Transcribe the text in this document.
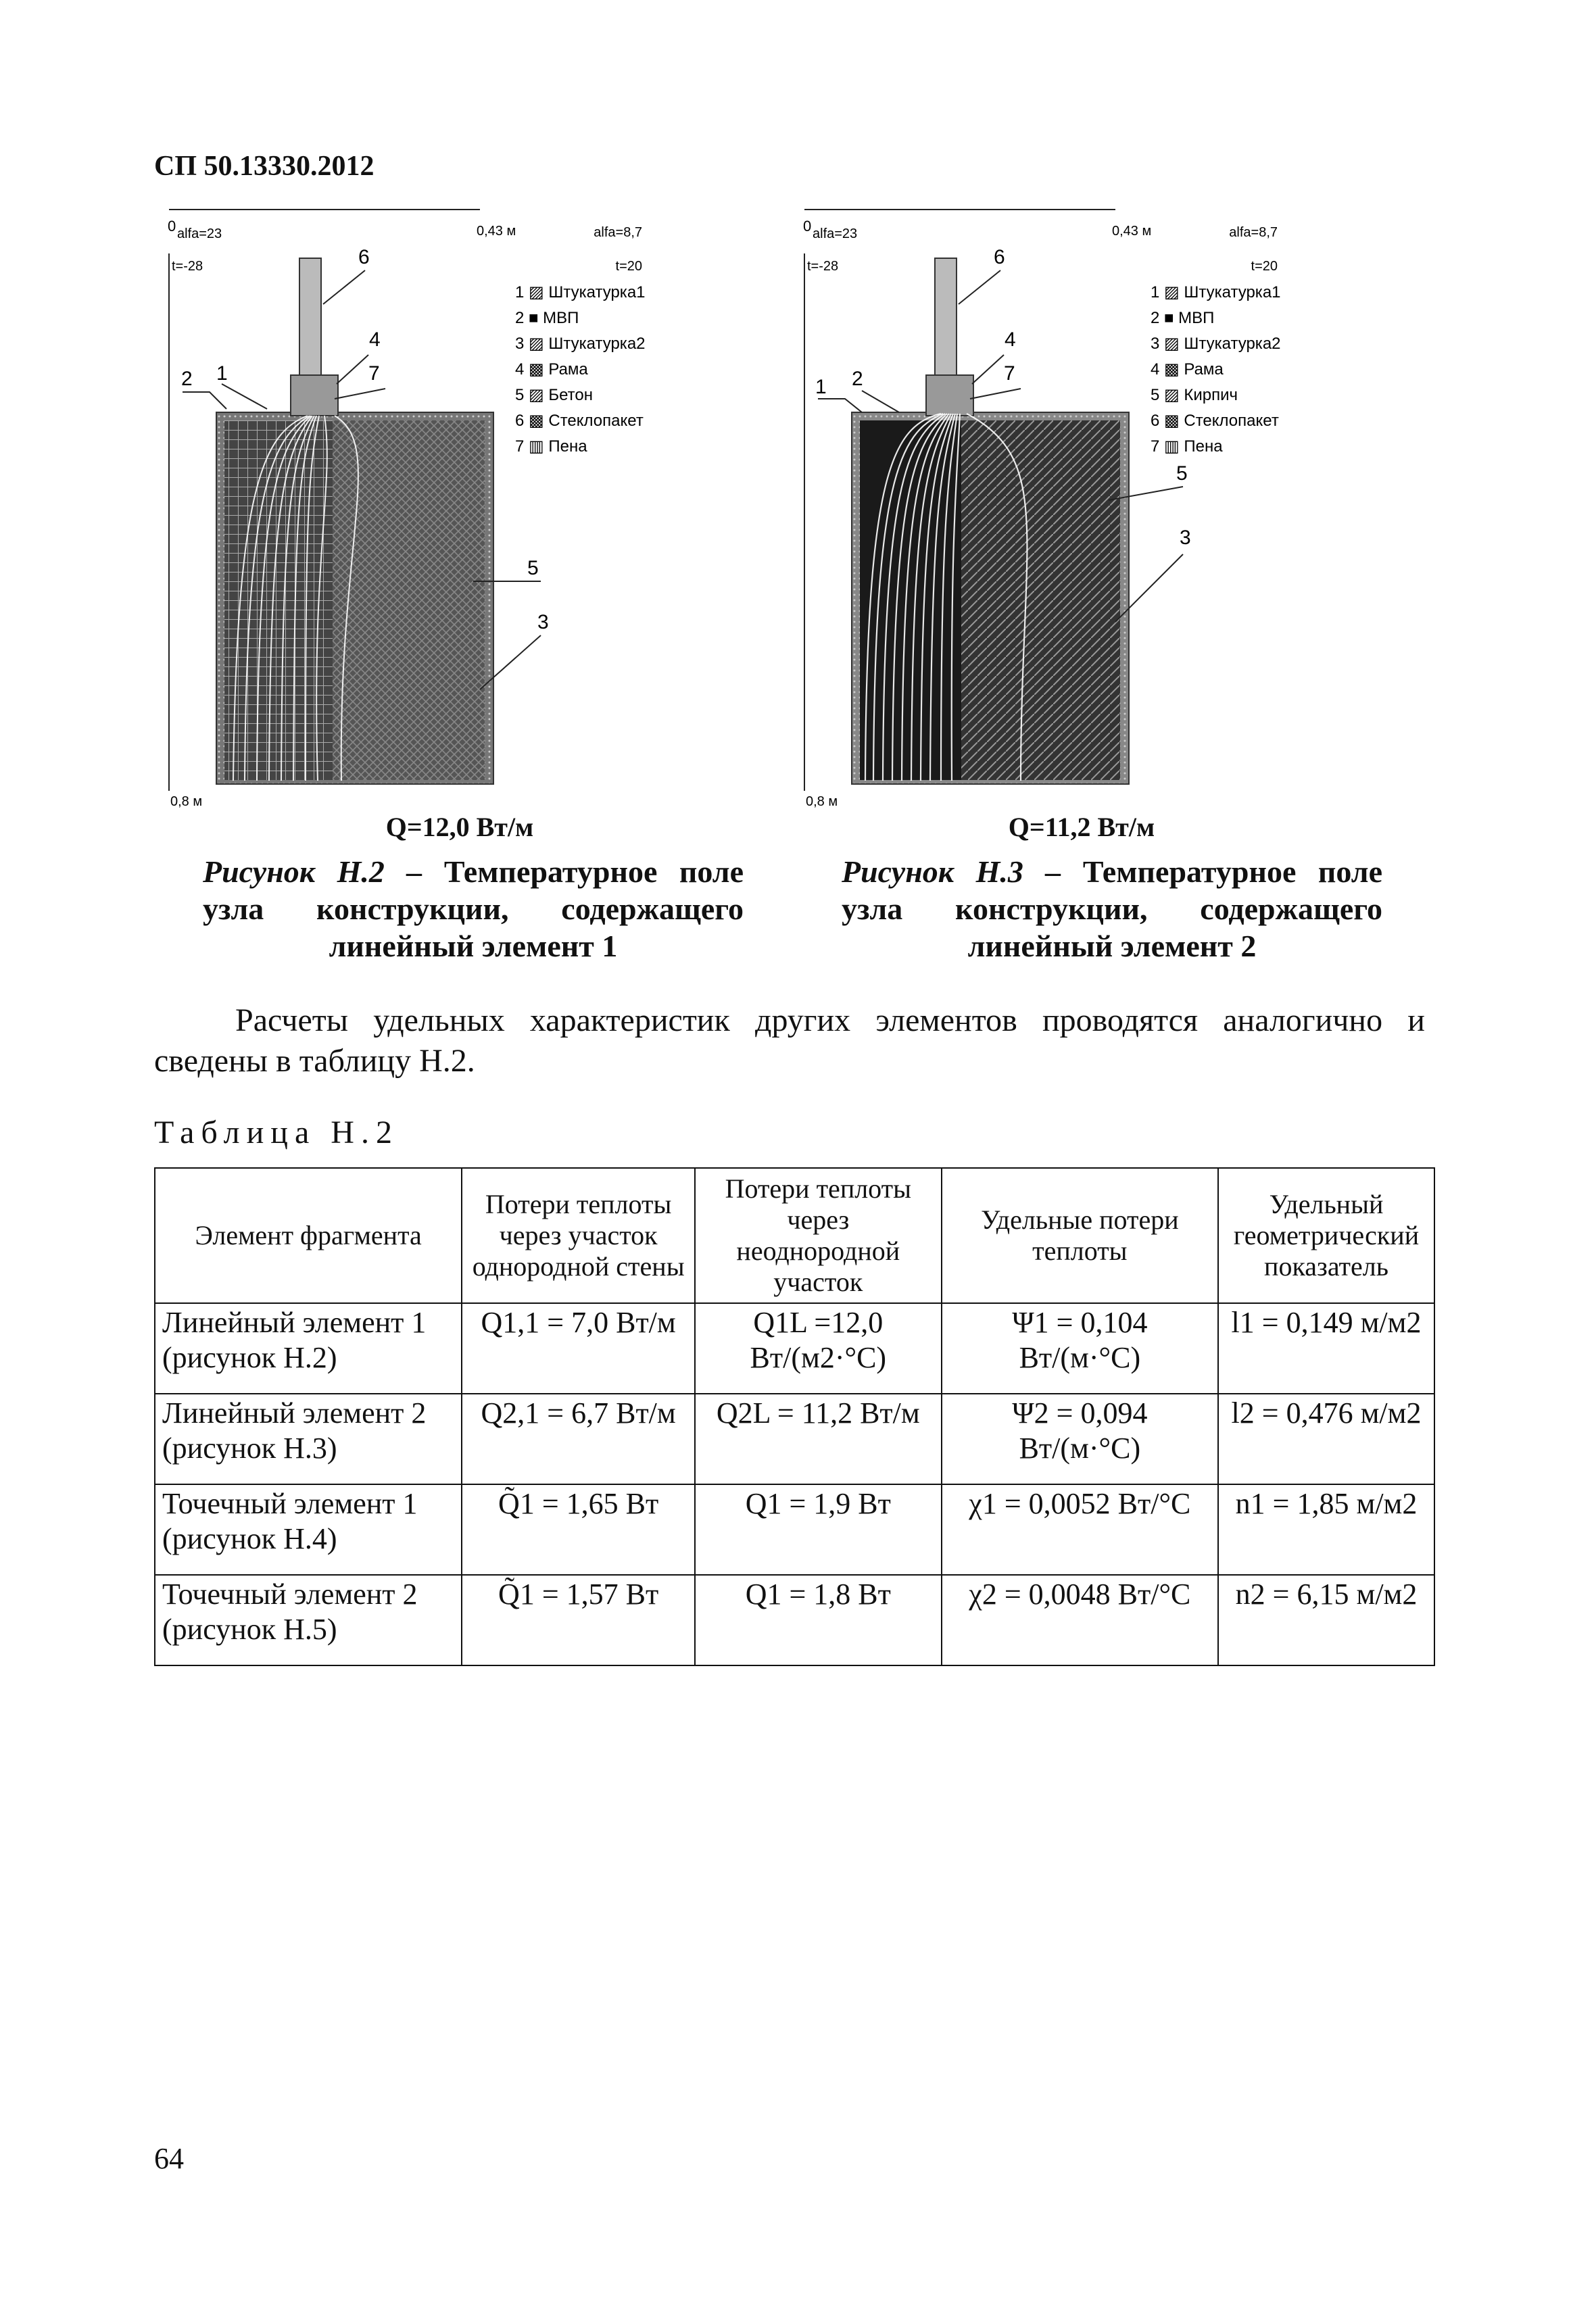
СП 50.13330.2012
0 alfa=23	0,43 м	alfa=8,7
t=-28	t=20
0,8 м
6
4
2 1	7
5
3
1 ▨ Штукатурка1
2 ■ МВП
3 ▨ Штукатурка2
4 ▩ Рама
5 ▨ Бетон
6 ▩ Стеклопакет
7 ▥ Пена
Q=12,0 Вт/м
Рисунок Н.2 – Температурное поле узла конструкции, содержащего линейный элемент 1
0 alfa=23	0,43 м	alfa=8,7
t=-28	t=20
0,8 м
6
4
1 2	7
5
3
1 ▨ Штукатурка1
2 ■ МВП
3 ▨ Штукатурка2
4 ▩ Рама
5 ▨ Кирпич
6 ▩ Стеклопакет
7 ▥ Пена
Q=11,2 Вт/м
Рисунок Н.3 – Температурное поле узла конструкции, содержащего линейный элемент 2
Расчеты удельных характеристик других элементов проводятся аналогично и сведены в таблицу Н.2.
Таблица Н.2
Элемент фрагмента	Потери теплоты через участок однородной стены	Потери теплоты через неоднородной участок	Удельные потери теплоты	Удельный геометрический показатель
Линейный элемент 1 (рисунок Н.2)	Q1,1 = 7,0 Вт/м	Q1L =12,0 Вт/(м2·°С)	Ψ1 = 0,104 Вт/(м·°С)	l1 = 0,149 м/м2
Линейный элемент 2 (рисунок Н.3)	Q2,1 = 6,7 Вт/м	Q2L = 11,2 Вт/м	Ψ2 = 0,094 Вт/(м·°С)	l2 = 0,476 м/м2
Точечный элемент 1 (рисунок Н.4)	Q̃1 = 1,65 Вт	Q1 = 1,9 Вт	χ1 = 0,0052 Вт/°С	n1 = 1,85 м/м2
Точечный элемент 2 (рисунок Н.5)	Q̃1 = 1,57 Вт	Q1 = 1,8 Вт	χ2 = 0,0048 Вт/°С	n2 = 6,15 м/м2
64
